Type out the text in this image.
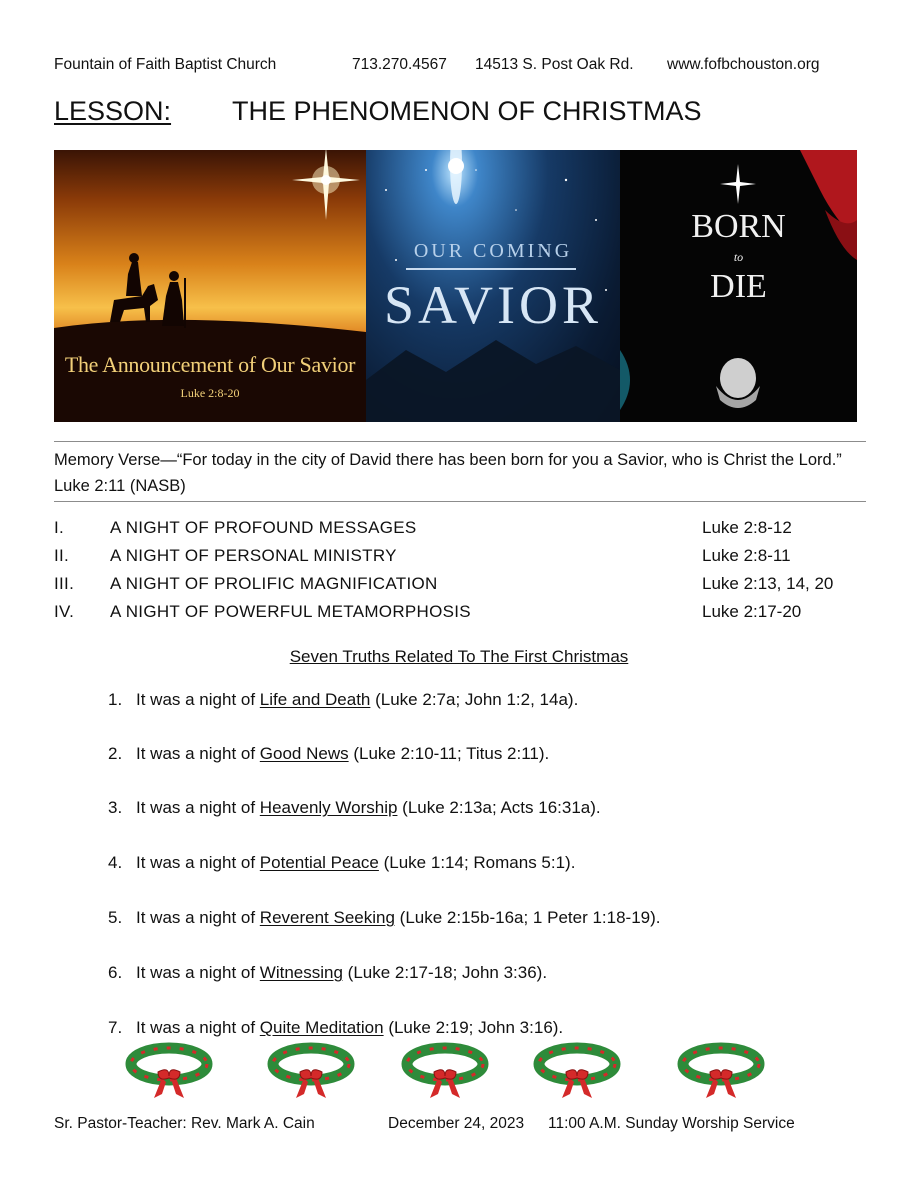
Fountain of Faith Baptist Church	713.270.4567 14513 S. Post Oak Rd. www.fofbchouston.org
LESSON: THE PHENOMENON OF CHRISTMAS
The Announcement of Our Savior
Luke 2:8-20
OUR COMING
SAVIOR
BORN
to
DIE
Memory Verse—“For today in the city of David there has been born for you a Savior, who is Christ the Lord.” Luke 2:11 (NASB)
I.	A NIGHT OF PROFOUND MESSAGES	Luke 2:8-12
II. A NIGHT OF PERSONAL MINISTRY	Luke 2:8-11
III. A NIGHT OF PROLIFIC MAGNIFICATION	Luke 2:13, 14, 20
IV. A NIGHT OF POWERFUL METAMORPHOSIS	Luke 2:17-20
Seven Truths Related To The First Christmas
1. It was a night of Life and Death (Luke 2:7a; John 1:2, 14a).
2. It was a night of Good News (Luke 2:10-11; Titus 2:11).
3. It was a night of Heavenly Worship (Luke 2:13a; Acts 16:31a).
4. It was a night of Potential Peace (Luke 1:14; Romans 5:1).
5. It was a night of Reverent Seeking (Luke 2:15b-16a; 1 Peter 1:18-19).
6. It was a night of Witnessing (Luke 2:17-18; John 3:36).
7. It was a night of Quite Meditation (Luke 2:19; John 3:16).
Sr. Pastor-Teacher: Rev. Mark A. Cain	December 24, 2023 11:00 A.M. Sunday Worship Service
